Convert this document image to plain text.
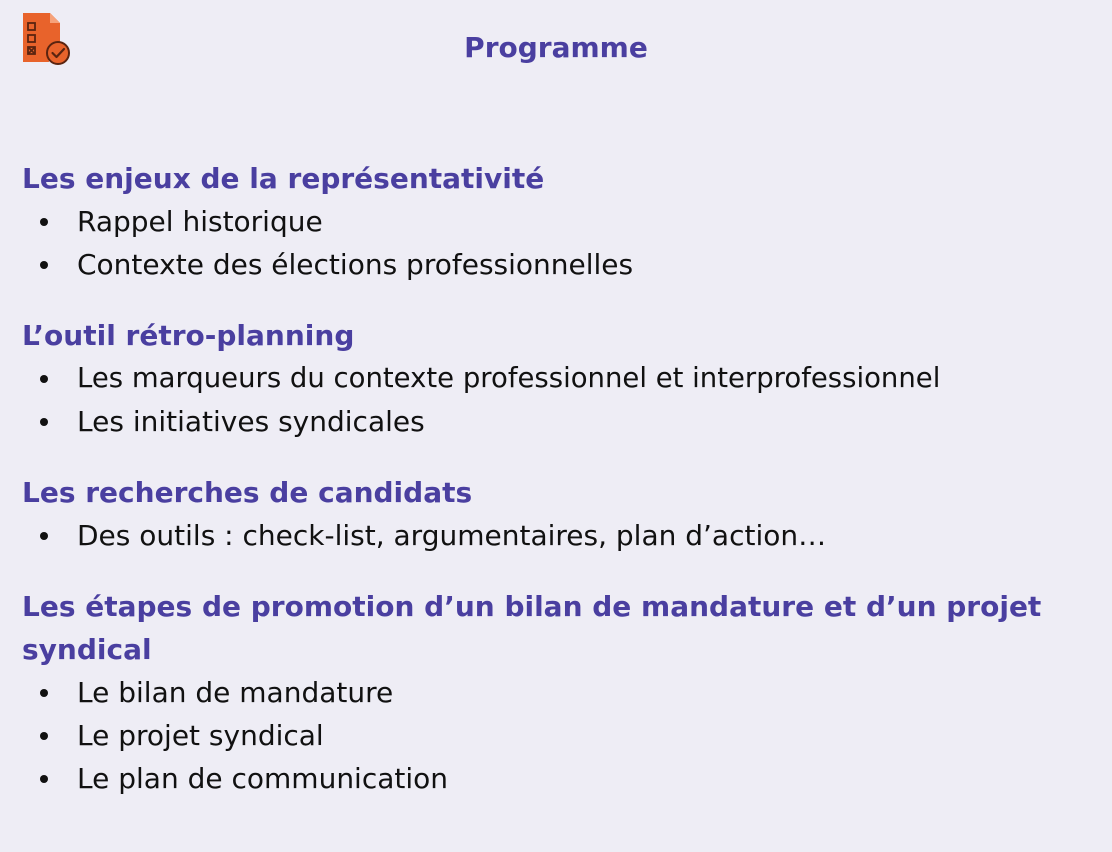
Programme
Les enjeux de la représentativité
Rappel historique
Contexte des élections professionnelles
L’outil rétro-planning
Les marqueurs du contexte professionnel et interprofessionnel
Les initiatives syndicales
Les recherches de candidats
Des outils : check-list, argumentaires, plan d’action…
Les étapes de promotion d’un bilan de mandature et d’un projet syndical
Le bilan de mandature
Le projet syndical
Le plan de communication
